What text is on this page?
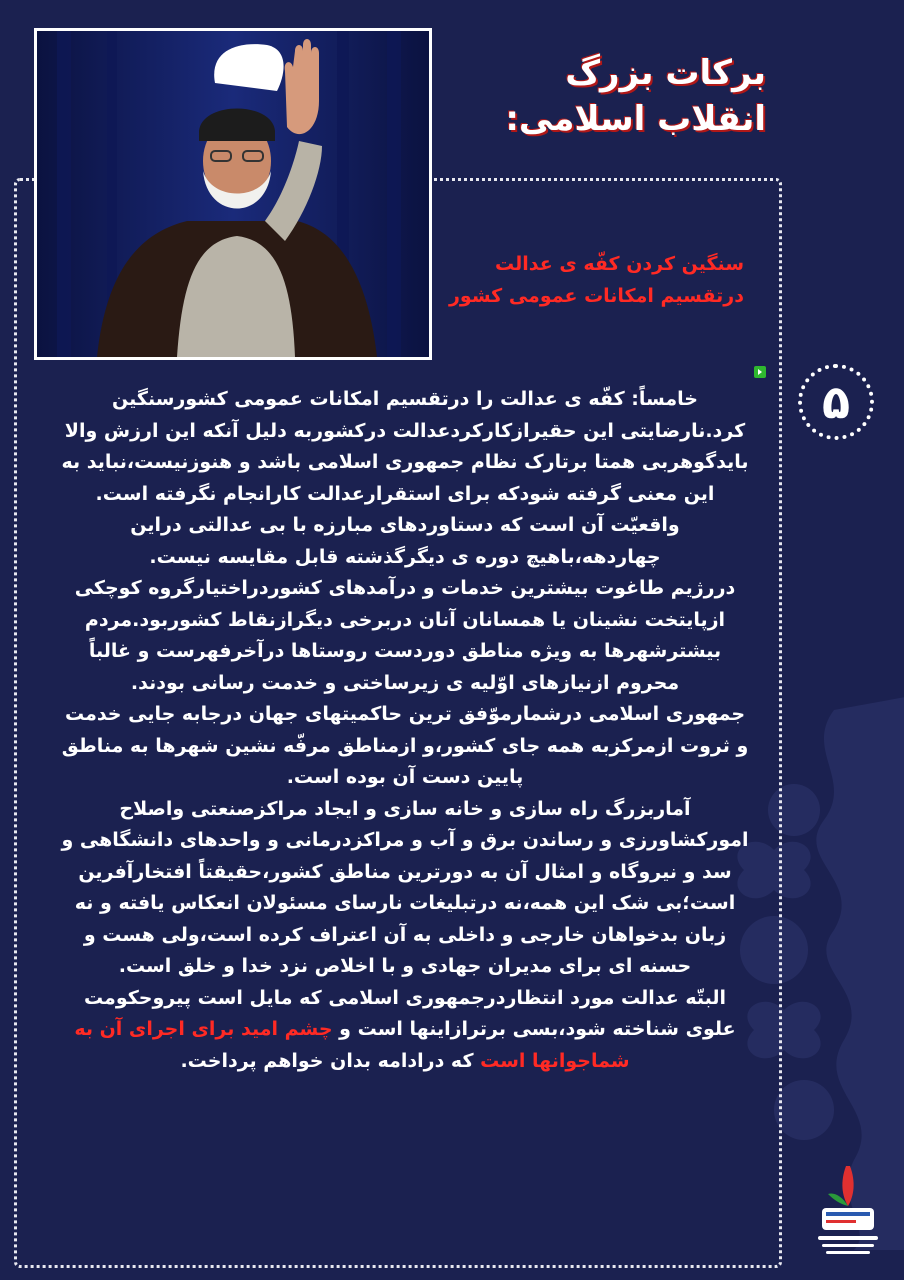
برکات بزرگ
انقلاب اسلامی:
سنگین کردن کفّه ی عدالت
درتقسیم امکانات عمومی کشور
۵

خامساً: کفّه ی عدالت را درتقسیم امکانات عمومی کشورسنگین کرد.نارضایتی این حقیرازکارکردعدالت درکشوربه دلیل آنکه این ارزش والا بایدگوهربی همتا برتارک نظام جمهوری اسلامی باشد و هنوزنیست،نباید به این معنی گرفته شودکه برای استقرارعدالت کارانجام نگرفته است.

واقعیّت آن است که دستاوردهای مبارزه با بی عدالتی دراین چهاردهه،باهیچ دوره ی دیگرگذشته قابل مقایسه نیست.

دررژیم طاغوت بیشترین خدمات و درآمدهای کشوردراختیارگروه کوچکی ازپایتخت نشینان یا همسانان آنان دربرخی دیگرازنقاط کشوربود.مردم بیشترشهرها به ویژه مناطق دوردست روستاها درآخرفهرست و غالباً محروم ازنیازهای اوّلیه ی زیرساختی و خدمت رسانی بودند.

جمهوری اسلامی درشمارموّفق ترین حاکمیتهای جهان درجابه جایی خدمت و ثروت ازمرکزبه همه جای کشور،و ازمناطق مرفّه نشین شهرها به مناطق پایین دست آن بوده است.

آماربزرگ راه سازی و خانه سازی و ایجاد مراکزصنعتی واصلاح امورکشاورزی و رساندن برق و آب و مراکزدرمانی و واحدهای دانشگاهی و سد و نیروگاه و امثال آن به دورترین مناطق کشور،حقیقتاً افتخارآفرین است؛بی شک این همه،نه درتبلیغات نارسای مسئولان انعکاس یافته و نه زبان بدخواهان خارجی و داخلی به آن اعتراف کرده است،ولی هست و حسنه ای برای مدیران جهادی و با اخلاص نزد خدا و خلق است.

البتّه عدالت مورد انتظاردرجمهوری اسلامی که مایل است پیروحکومت علوی شناخته شود،بسی برترازاینها است و چشم امید برای اجرای آن به شماجوانها است که درادامه بدان خواهم پرداخت.
